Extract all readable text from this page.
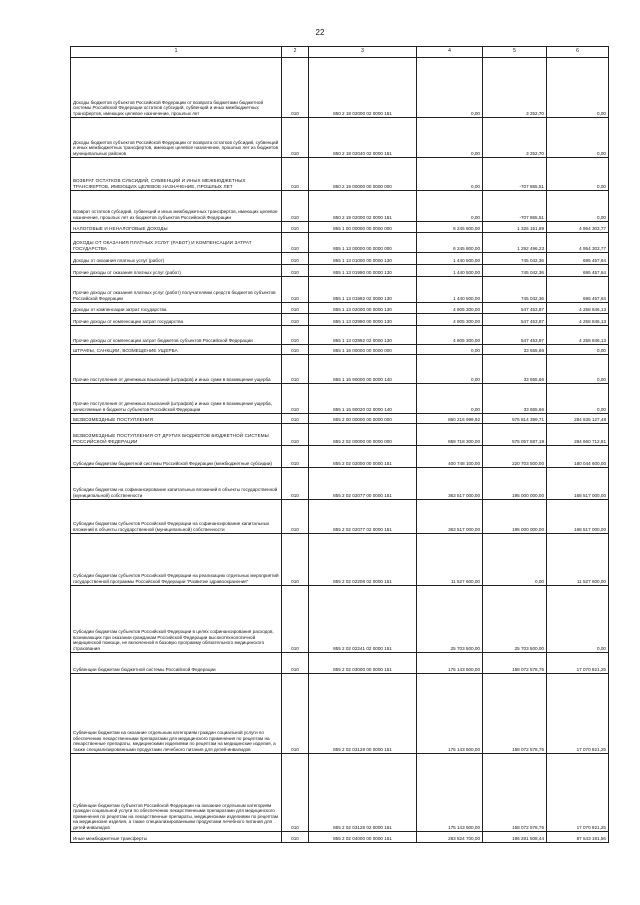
22
1	2	3	4	5	6
Доходы бюджетов субъектов Российской Федерации от возврата бюджетами бюджетной системы Российской Федерации остатков субсидий, субвенций и иных межбюджетных трансфертов, имеющих целевое назначение, прошлых лет	010	850 2 18 02000 02 0000 151	0,00	3 252,70	0,00
Доходы бюджетов субъектов Российской Федерации от возврата остатков субсидий, субвенций и иных межбюджетных трансфертов, имеющих целевое назначение, прошлых лет из бюджетов муниципальных районов	010	850 2 18 02040 02 0000 151	0,00	3 252,70	0,00
ВОЗВРАТ ОСТАТКОВ СУБСИДИЙ, СУБВЕНЦИЙ И ИНЫХ МЕЖБЮДЖЕТНЫХ ТРАНСФЕРТОВ, ИМЕЮЩИХ ЦЕЛЕВОЕ НАЗНАЧЕНИЕ, ПРОШЛЫХ ЛЕТ	010	850 2 19 00000 00 0000 000	0,00	-707 865,51	0,00
Возврат остатков субсидий, субвенций и иных межбюджетных трансфертов, имеющих целевое назначение, прошлых лет из бюджетов субъектов Российской Федерации	010	850 2 19 02000 02 0000 151	0,00	-707 865,51	0,00
НАЛОГОВЫЕ И НЕНАЛОГОВЫЕ ДОХОДЫ	010	855 1 00 00000 00 0000 000	6 245 800,00	1 326 151,89	4 954 303,77
ДОХОДЫ ОТ ОКАЗАНИЯ ПЛАТНЫХ УСЛУГ (РАБОТ) И КОМПЕНСАЦИИ ЗАТРАТ ГОСУДАРСТВА	010	855 1 13 00000 00 0000 000	6 245 800,00	1 292 496,23	4 954 303,77
Доходы от оказания платных услуг (работ)	010	855 1 13 01000 00 0000 130	1 440 500,00	745 042,36	695 457,64
Прочие доходы от оказания платных услуг (работ)	010	855 1 13 01990 00 0000 130	1 440 500,00	745 042,36	695 457,64
Прочие доходы от оказания платных услуг (работ) получателями средств бюджетов субъектов Российской Федерации	010	855 1 13 01992 02 0000 130	1 440 500,00	745 042,36	695 457,64
Доходы от компенсации затрат государства	010	855 1 13 02000 00 0000 130	4 805 300,00	547 453,87	4 258 846,13
Прочие доходы от компенсации затрат государства	010	855 1 13 02990 00 0000 130	4 805 300,00	547 453,87	4 258 846,13
Прочие доходы от компенсации затрат бюджетов субъектов Российской Федерации	010	855 1 13 02992 02 0000 130	4 805 300,00	547 453,87	4 258 846,13
ШТРАФЫ, САНКЦИИ, ВОЗМЕЩЕНИЕ УЩЕРБА	010	855 1 16 00000 00 0000 000	0,00	33 655,66	0,00
Прочие поступления от денежных взысканий (штрафов) и иных сумм в возмещение ущерба	010	855 1 16 90000 00 0000 140	0,00	33 655,66	0,00
Прочие поступления от денежных взысканий (штрафов) и иных сумм в возмещение ущерба, зачисляемые в бюджеты субъектов Российской Федерации	010	855 1 16 90020 02 0000 140	0,00	33 655,66	0,00
БЕЗВОЗМЕЗДНЫЕ ПОСТУПЛЕНИЯ	010	855 2 00 00000 00 0000 000	860 216 999,92	575 814 399,71	284 635 127,48
БЕЗВОЗМЕЗДНЫЕ ПОСТУПЛЕНИЯ ОТ ДРУГИХ БЮДЖЕТОВ БЮДЖЕТНОЙ СИСТЕМЫ РОССИЙСКОЙ ФЕДЕРАЦИИ	010	855 2 02 00000 00 0000 000	859 718 300,00	575 057 587,19	284 660 712,81
Субсидии бюджетам бюджетной системы Российской Федерации (межбюджетные субсидии)	010	855 2 02 02000 00 0000 151	400 748 100,00	220 703 500,00	180 044 600,00
Субсидии бюджетам на софинансирование капитальных вложений в объекты государственной (муниципальной) собственности	010	855 2 02 02077 00 0000 151	363 517 000,00	195 000 000,00	168 517 000,00
Субсидии бюджетам субъектов Российской Федерации на софинансирование капитальных вложений в объекты государственной (муниципальной) собственности	010	855 2 02 02077 02 0000 151	363 517 000,00	195 000 000,00	168 517 000,00
Субсидии бюджетам субъектов Российской Федерации на реализацию отдельных мероприятий государственной программы Российской Федерации "Развитие здравоохранения"	010	855 2 02 02208 02 0000 151	11 527 600,00	0,00	11 527 600,00
Субсидии бюджетам субъектов Российской Федерации в целях софинансирования расходов, возникающих при оказании гражданам Российской Федерации высокотехнологичной медицинской помощи, не включенной в базовую программу обязательного медицинского страхования	010	855 2 02 02241 02 0000 151	25 703 500,00	25 703 500,00	0,00
Субвенции бюджетам бюджетной системы Российской Федерации	010	855 2 02 03000 00 0000 151	175 143 500,00	158 072 578,75	17 070 921,25
Субвенции бюджетам на оказание отдельным категориям граждан социальной услуги по обеспечению лекарственными препаратами для медицинского применения по рецептам на лекарственные препараты, медицинскими изделиями по рецептам на медицинские изделия, а также специализированными продуктами лечебного питания для детей-инвалидов	010	855 2 02 03128 00 0000 151	175 143 500,00	158 072 578,75	17 070 921,25
Субвенции бюджетам субъектов Российской Федерации на оказание отдельным категориям граждан социальной услуги по обеспечению лекарственными препаратами для медицинского применения по рецептам на лекарственные препараты, медицинскими изделиями по рецептам на медицинские изделия, а также специализированными продуктами лечебного питания для детей-инвалидов	010	855 2 02 03128 02 0000 151	175 143 500,00	158 072 578,75	17 070 921,25
Иные межбюджетные трансферты	010	855 2 02 04000 00 0000 151	283 824 700,00	196 281 508,44	87 543 191,56
